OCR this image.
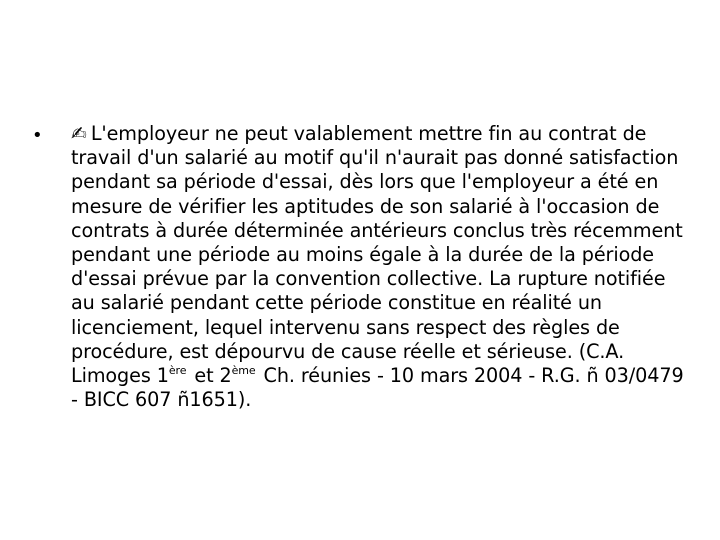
• ✍ L'employeur ne peut valablement mettre fin au contrat de travail d'un salarié au motif qu'il n'aurait pas donné satisfaction pendant sa période d'essai, dès lors que l'employeur a été en mesure de vérifier les aptitudes de son salarié à l'occasion de contrats à durée déterminée antérieurs conclus très récemment pendant une période au moins égale à la durée de la période d'essai prévue par la convention collective. La rupture notifiée au salarié pendant cette période constitue en réalité un licenciement, lequel intervenu sans respect des règles de procédure, est dépourvu de cause réelle et sérieuse. (C.A. Limoges 1ère et 2ème Ch. réunies - 10 mars 2004 - R.G. ñ 03/0479 - BICC 607 ñ1651).
